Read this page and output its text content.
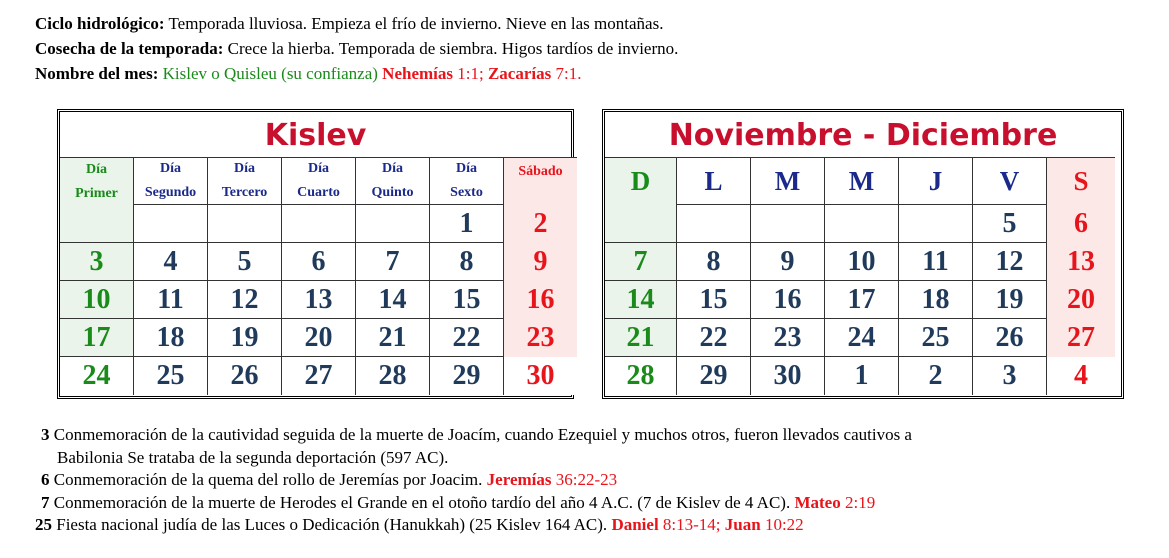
Ciclo hidrológico: Temporada lluviosa. Empieza el frío de invierno. Nieve en las montañas.
Cosecha de la temporada: Crece la hierba. Temporada de siembra. Higos tardíos de invierno.
Nombre del mes: Kislev o Quisleu (su confianza) Nehemías 1:1; Zacarías 7:1.
Kislev
Día
Primer
Día
Segundo
Día
Tercero
Día
Cuarto
Día
Quinto
Día
Sexto
Sábado
1 2
3 4 5 6 7 8 9
10 11 12 13 14 15 16
17 18 19 20 21 22 23
24 25 26 27 28 29 30
Noviembre - Diciembre
D L M M J V S
5 6
7 8 9 10 11 12 13
14 15 16 17 18 19 20
21 22 23 24 25 26 27
28 29 30 1 2 3 4
3 Conmemoración de la cautividad seguida de la muerte de Joacím, cuando Ezequiel y muchos otros, fueron llevados cautivos a
Babilonia Se trataba de la segunda deportación (597 AC).
6 Conmemoración de la quema del rollo de Jeremías por Joacim. Jeremías 36:22-23
7 Conmemoración de la muerte de Herodes el Grande en el otoño tardío del año 4 A.C. (7 de Kislev de 4 AC). Mateo 2:19
25 Fiesta nacional judía de las Luces o Dedicación (Hanukkah) (25 Kislev 164 AC). Daniel 8:13-14; Juan 10:22
